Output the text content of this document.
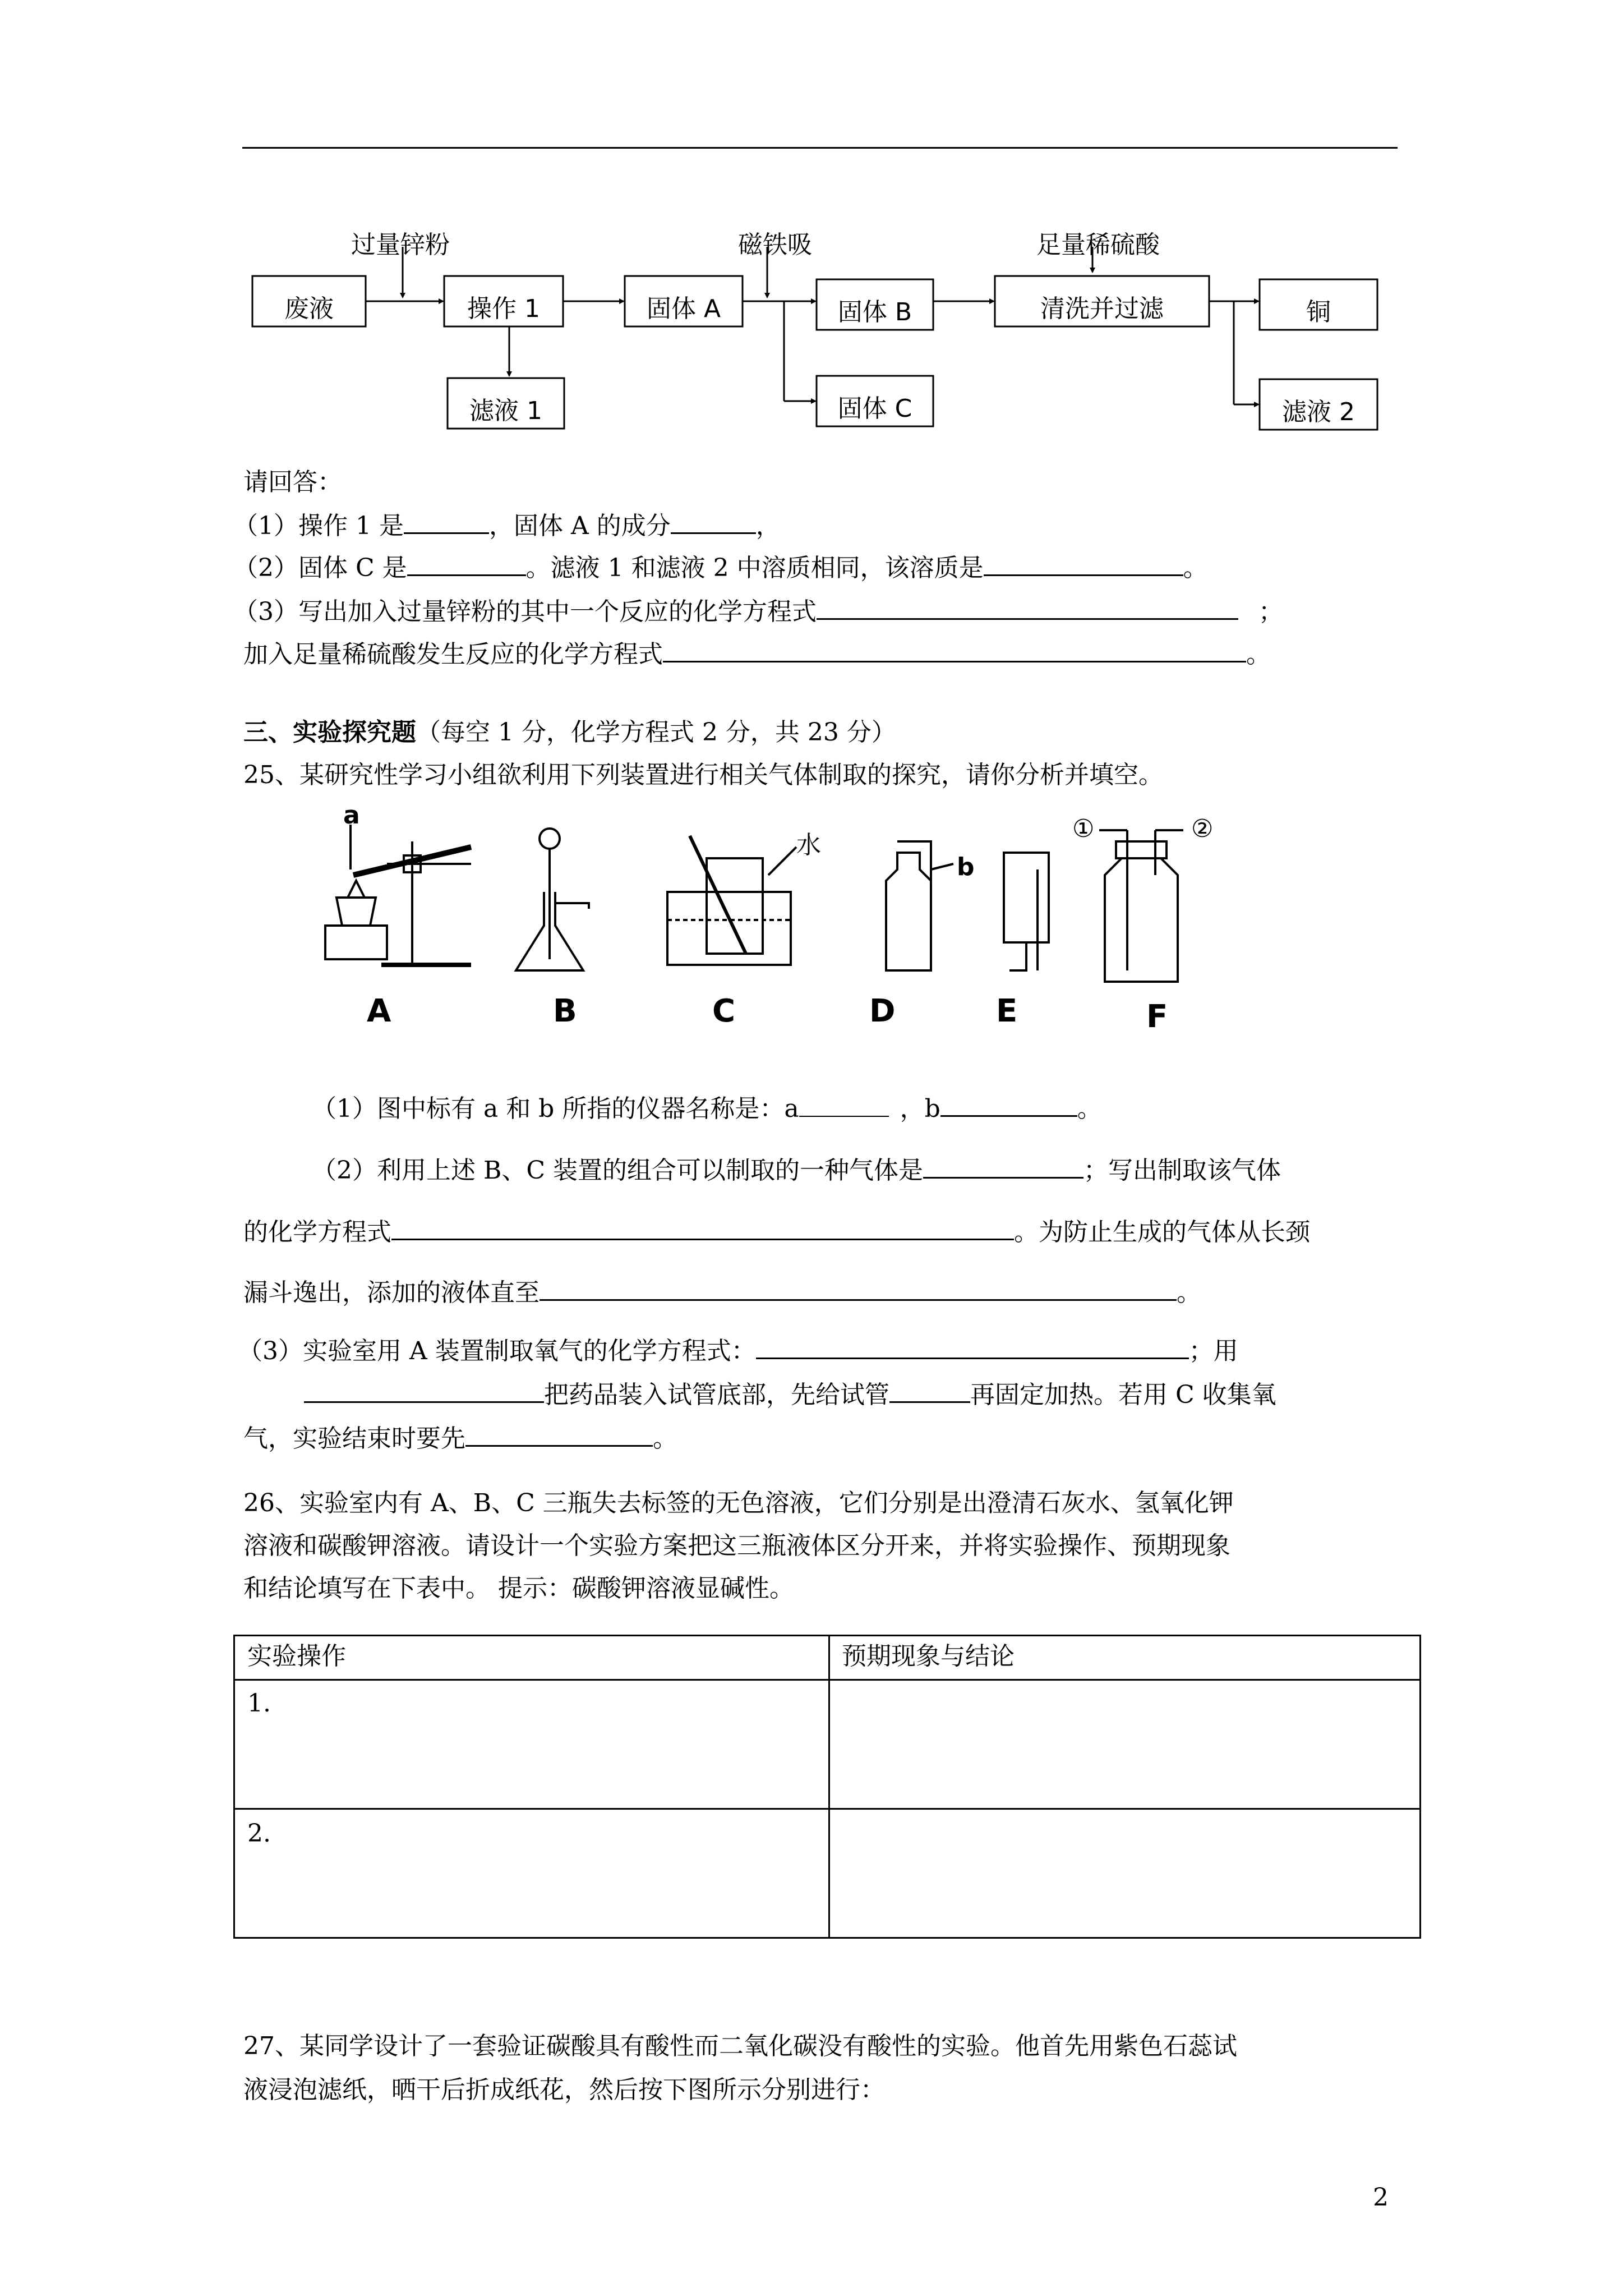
废液	操作 1
滤液 1
固体 A	固体 B
固体 C
清洗并过滤	铜
滤液 2
过量锌粉	磁铁吸	足量稀硫酸
请回答：
（1）操作 1 是	，固体 A 的成分	，
（2）固体 C 是	。滤液 1 和滤液 2 中溶质相同，该溶质是	。
（3）写出加入过量锌粉的其中一个反应的化学方程式	；
加入足量稀硫酸发生反应的化学方程式	。
三、实验探究题（每空 1 分，化学方程式 2 分，共 23 分）
25、某研究性学习小组欲利用下列装置进行相关气体制取的探究，请你分析并填空。
a
水
b
①	②
A	B	C	D	E	F
（1）图中标有 a 和 b 所指的仪器名称是：a	，b	。
（2）利用上述 B、C 装置的组合可以制取的一种气体是	；写出制取该气体
的化学方程式	。为防止生成的气体从长颈
漏斗逸出，添加的液体直至	。
（3）实验室用 A 装置制取氧气的化学方程式：	；用
把药品装入试管底部，先给试管	再固定加热。若用 C 收集氧
气，实验结束时要先	。
26、实验室内有 A、B、C 三瓶失去标签的无色溶液，它们分别是出澄清石灰水、氢氧化钾
溶液和碳酸钾溶液。请设计一个实验方案把这三瓶液体区分开来，并将实验操作、预期现象
和结论填写在下表中。 提示：碳酸钾溶液显碱性。
实验操作	预期现象与结论
1.
2.
27、某同学设计了一套验证碳酸具有酸性而二氧化碳没有酸性的实验。他首先用紫色石蕊试
液浸泡滤纸，晒干后折成纸花，然后按下图所示分别进行：
2
